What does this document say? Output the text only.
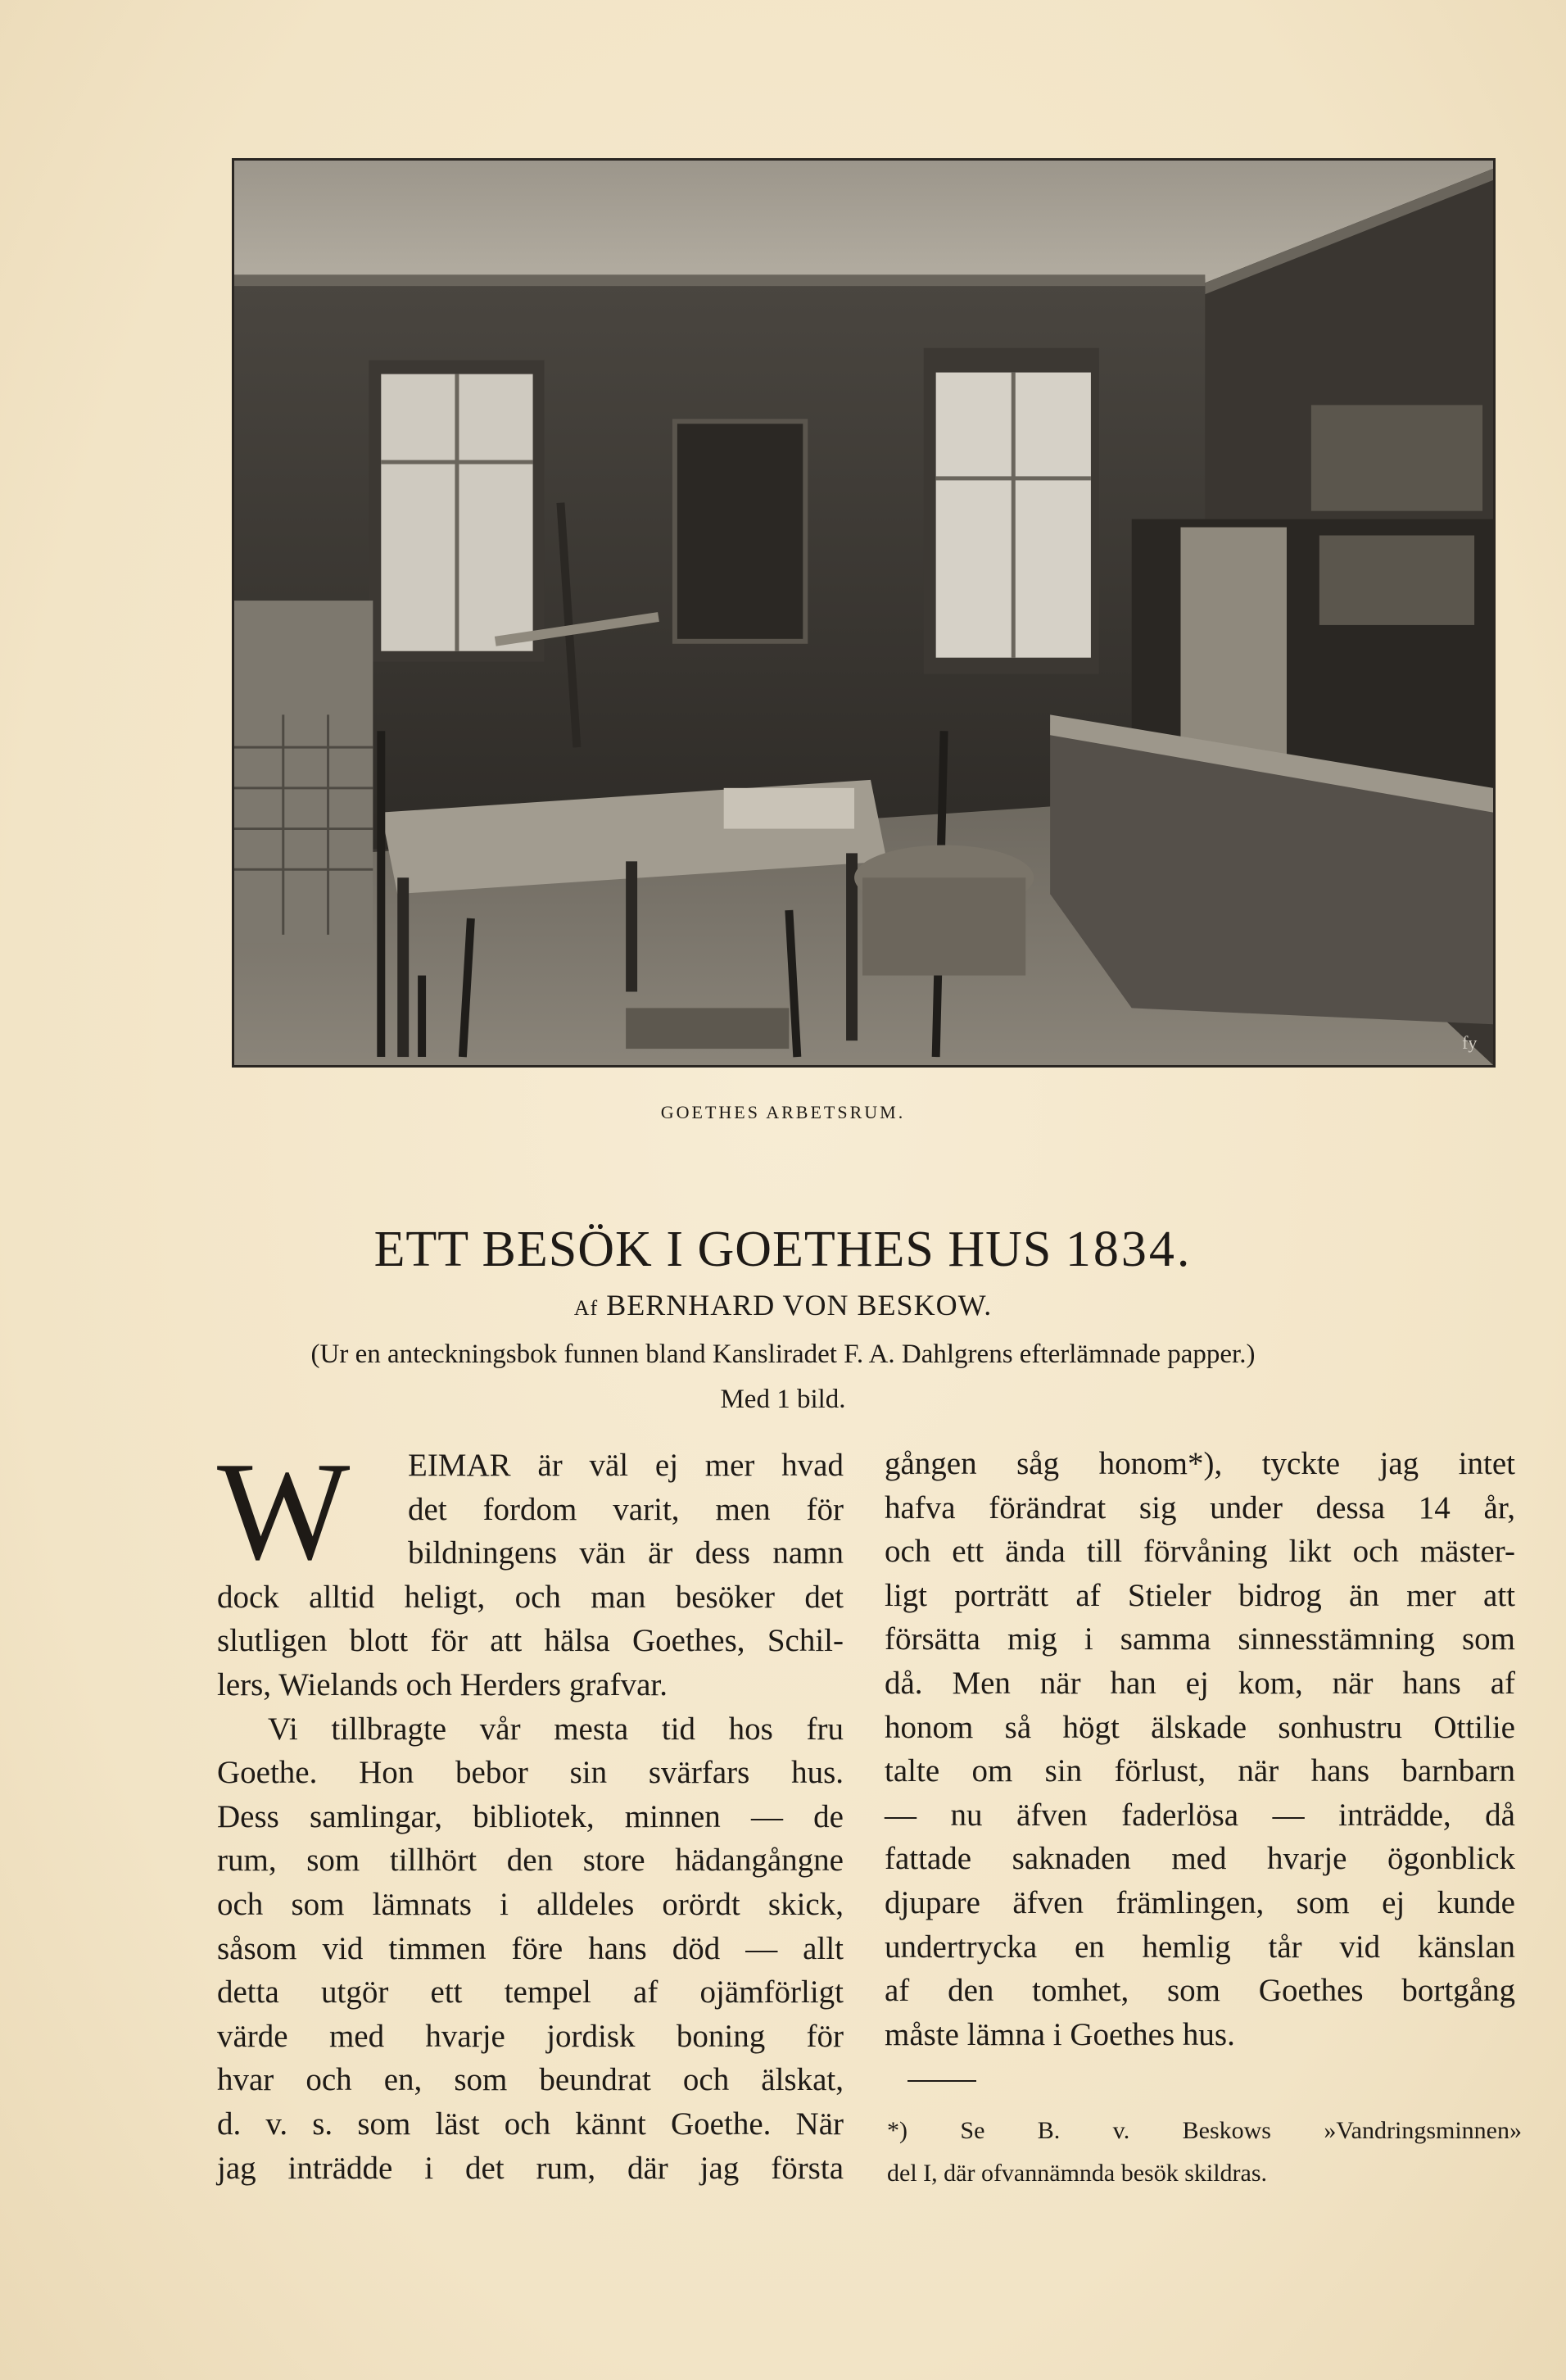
fy
GOETHES ARBETSRUM.
ETT BESÖK I GOETHES HUS 1834.
Af BERNHARD VON BESKOW.
(Ur en anteckningsbok funnen bland Kansliradet F. A. Dahlgrens efterlämnade papper.)
Med 1 bild.
W	EIMAR är väl ej mer hvad
det fordom varit, men för
bildningens vän är dess namn
dock alltid heligt, och man besöker det
slutligen blott för att hälsa Goethes, Schil-
lers, Wielands och Herders grafvar.
Vi tillbragte vår mesta tid hos fru
Goethe. Hon bebor sin svärfars hus.
Dess samlingar, bibliotek, minnen — de
rum, som tillhört den store hädangångne
och som lämnats i alldeles orördt skick,
såsom vid timmen före hans död — allt
detta utgör ett tempel af ojämförligt
värde med hvarje jordisk boning för
hvar och en, som beundrat och älskat,
d. v. s. som läst och kännt Goethe. När
jag inträdde i det rum, där jag första
gången såg honom*), tyckte jag intet
hafva förändrat sig under dessa 14 år,
och ett ända till förvåning likt och mäster-
ligt porträtt af Stieler bidrog än mer att
försätta mig i samma sinnesstämning som
då. Men när han ej kom, när hans af
honom så högt älskade sonhustru Ottilie
talte om sin förlust, när hans barnbarn
— nu äfven faderlösa — inträdde, då
fattade saknaden med hvarje ögonblick
djupare äfven främlingen, som ej kunde
undertrycka en hemlig tår vid känslan
af den tomhet, som Goethes bortgång
måste lämna i Goethes hus.
*) Se B. v. Beskows »Vandringsminnen»
del I, där ofvannämnda besök skildras.
